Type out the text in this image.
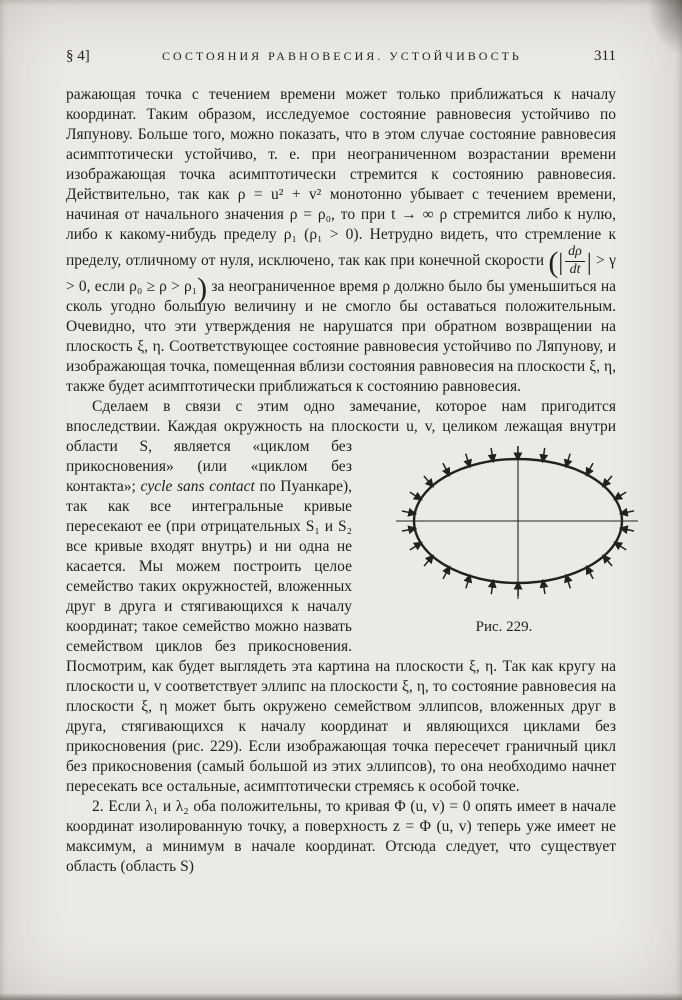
§ 4]	СОСТОЯНИЯ РАВНОВЕСИЯ. УСТОЙЧИВОСТЬ	311

ражающая точка с течением времени может только приближаться к началу координат. Таким образом, исследуемое состояние равновесия устойчиво по Ляпунову. Больше того, можно показать, что в этом случае состояние равновесия асимптотически устойчиво, т. е. при неограниченном возрастании времени изображающая точка асимптотически стремится к состоянию равновесия. Действительно, так как ρ = u² + v² монотонно убывает с течением времени, начиная от начального значения ρ = ρ₀, то при t → ∞ ρ стремится либо к нулю, либо к какому-нибудь пределу ρ₁ (ρ₁ > 0). Нетрудно видеть, что стремление к пределу, отличному от нуля, исключено, так как при конечной скорости (| $\frac{d\rho}{dt}$ | > γ > 0, если ρ₀ ≥ ρ > ρ₁) за неограниченное время ρ должно было бы уменьшиться на сколь угодно большую величину и не смогло бы оставаться положительным. Очевидно, что эти утверждения не нарушатся при обратном возвращении на плоскость ξ, η. Соответствующее состояние равновесия устойчиво по Ляпунову, и изображающая точка, помещенная вблизи состояния равновесия на плоскости ξ, η, также будет асимптотически приближаться к состоянию равновесия.

Сделаем в связи с этим одно замечание, которое нам пригодится впоследствии. Каждая окружность на плоскости u, v, целиком лежащая
Рис. 229.
внутри области S, является «циклом без прикосновения» (или «циклом без контакта»; cycle sans contact по Пуанкаре), так как все интегральные кривые пересекают ее (при отрицательных S₁ и S₂ все кривые входят внутрь) и ни одна не касается. Мы можем построить целое семейство таких окружностей, вложенных друг в друга и стягивающихся к началу координат; такое семейство можно назвать семейством циклов без прикосновения. Посмотрим, как будет выглядеть эта картина на плоскости ξ, η. Так как кругу на плоскости u, v соответствует эллипс на плоскости ξ, η, то состояние равновесия на плоскости ξ, η может быть окружено семейством эллипсов, вложенных друг в друга, стягивающихся к началу координат и являющихся циклами без прикосновения (рис. 229). Если изображающая точка пересечет граничный цикл без прикосновения (самый большой из этих эллипсов), то она необходимо начнет пересекать все остальные, асимптотически стремясь к особой точке.

2. Если λ₁ и λ₂ оба положительны, то кривая Φ (u, v) = 0 опять имеет в начале координат изолированную точку, а поверхность z = Φ (u, v) теперь уже имеет не максимум, а минимум в начале координат. Отсюда следует, что существует область (область S)
